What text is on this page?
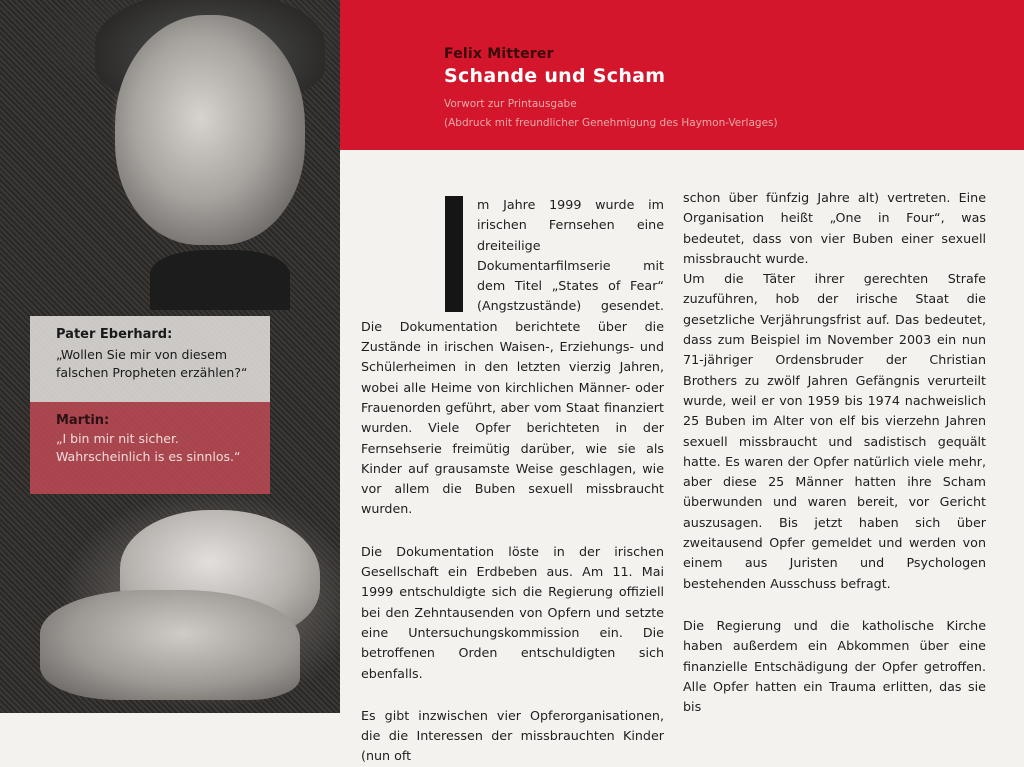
Pater Eberhard:
„Wollen Sie mir von diesem
falschen Propheten erzählen?“
Martin:
„I bin mir nit sicher.
Wahrscheinlich is es sinnlos.“
Felix Mitterer
Schande und Scham
Vorwort zur Printausgabe
(Abdruck mit freundlicher Genehmigung des Haymon-Verlages)

m Jahre 1999 wurde im irischen Fernsehen eine dreiteilige Dokumentarfilmserie mit dem Titel „States of Fear“ (Angstzustände) gesendet. Die Dokumentation berichtete über die Zustände in irischen Waisen-, Erziehungs- und Schülerheimen in den letzten vierzig Jahren, wobei alle Heime von kirchlichen Männer- oder Frauenorden geführt, aber vom Staat finanziert wurden. Viele Opfer berichteten in der Fernsehserie freimütig darüber, wie sie als Kinder auf grausamste Weise geschlagen, wie vor allem die Buben sexuell missbraucht wurden.

Die Dokumentation löste in der irischen Gesellschaft ein Erdbeben aus. Am 11. Mai 1999 entschuldigte sich die Regierung offiziell bei den Zehntausenden von Opfern und setzte eine Untersuchungskommission ein. Die betroffenen Orden entschuldigten sich ebenfalls.

Es gibt inzwischen vier Opferorganisationen, die die Interessen der missbrauchten Kinder (nun oft

schon über fünfzig Jahre alt) vertreten. Eine Organisation heißt „One in Four“, was bedeutet, dass von vier Buben einer sexuell missbraucht wurde.

Um die Täter ihrer gerechten Strafe zuzuführen, hob der irische Staat die gesetzliche Verjährungsfrist auf. Das bedeutet, dass zum Beispiel im November 2003 ein nun 71-jähriger Ordensbruder der Christian Brothers zu zwölf Jahren Gefängnis verurteilt wurde, weil er von 1959 bis 1974 nachweislich 25 Buben im Alter von elf bis vierzehn Jahren sexuell missbraucht und sadistisch gequält hatte. Es waren der Opfer natürlich viele mehr, aber diese 25 Männer hatten ihre Scham überwunden und waren bereit, vor Gericht auszusagen. Bis jetzt haben sich über zweitausend Opfer gemeldet und werden von einem aus Juristen und Psychologen bestehenden Ausschuss befragt.

Die Regierung und die katholische Kirche haben außerdem ein Abkommen über eine finanzielle Entschädigung der Opfer getroffen. Alle Opfer hatten ein Trauma erlitten, das sie bis
